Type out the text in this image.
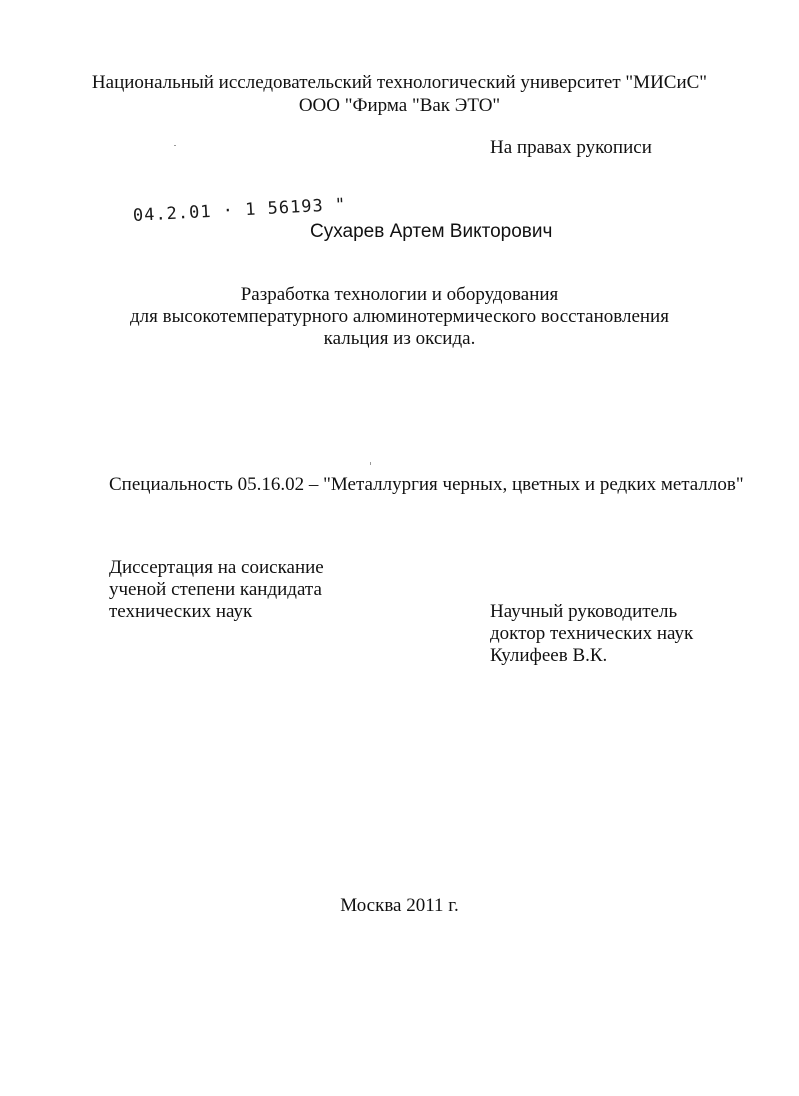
Национальный исследовательский технологический университет "МИСиС"
ООО "Фирма "Вак ЭТО"
На правах рукописи
04.2.01 · 1 56193 "
Сухарев Артем Викторович
Разработка технологии и оборудования
для высокотемпературного алюминотермического восстановления
кальция из оксида.
Специальность 05.16.02 – "Металлургия черных, цветных и редких металлов"
Диссертация на соискание
ученой степени кандидата
технических наук	Научный руководитель
доктор технических наук
Кулифеев В.К.
Москва 2011 г.
